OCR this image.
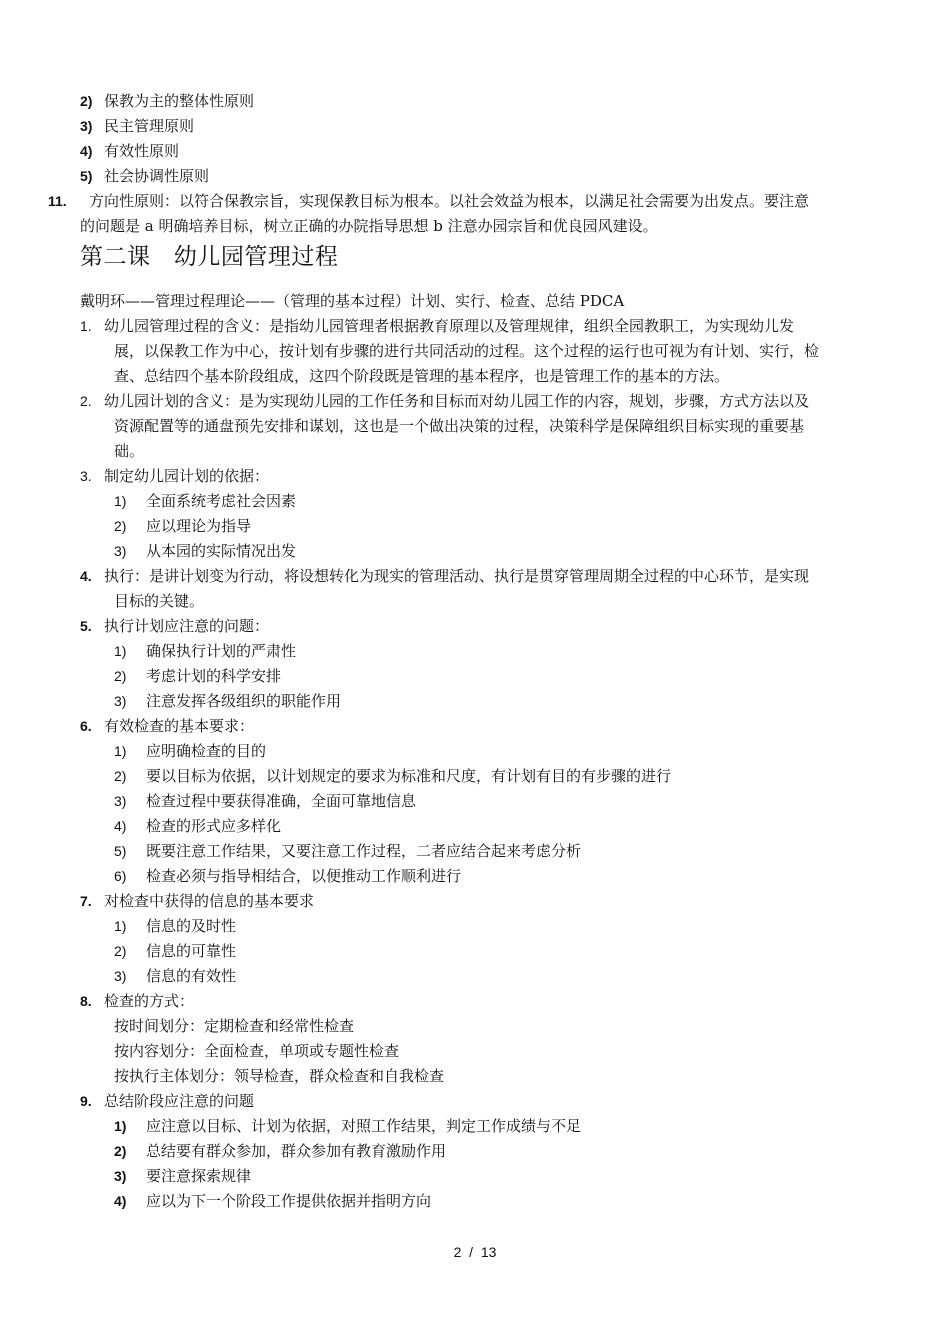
2) 保教为主的整体性原则
3) 民主管理原则
4) 有效性原则
5) 社会协调性原则
11. 方向性原则：以符合保教宗旨，实现保教目标为根本。以社会效益为根本，以满足社会需要为出发点。要注意
的问题是 a 明确培养目标，树立正确的办院指导思想 b 注意办园宗旨和优良园风建设。
第二课   幼儿园管理过程
戴明环——管理过程理论——（管理的基本过程）计划、实行、检查、总结 PDCA
1. 幼儿园管理过程的含义：是指幼儿园管理者根据教育原理以及管理规律，组织全园教职工，为实现幼儿发
展，以保教工作为中心，按计划有步骤的进行共同活动的过程。这个过程的运行也可视为有计划、实行，检
查、总结四个基本阶段组成，这四个阶段既是管理的基本程序，也是管理工作的基本的方法。
2. 幼儿园计划的含义：是为实现幼儿园的工作任务和目标而对幼儿园工作的内容，规划，步骤，方式方法以及
资源配置等的通盘预先安排和谋划，这也是一个做出决策的过程，决策科学是保障组织目标实现的重要基
础。
3. 制定幼儿园计划的依据：
1) 全面系统考虑社会因素
2) 应以理论为指导
3) 从本园的实际情况出发
4. 执行：是讲计划变为行动，将设想转化为现实的管理活动、执行是贯穿管理周期全过程的中心环节，是实现
目标的关键。
5. 执行计划应注意的问题：
1) 确保执行计划的严肃性
2) 考虑计划的科学安排
3) 注意发挥各级组织的职能作用
6. 有效检查的基本要求：
1) 应明确检查的目的
2) 要以目标为依据，以计划规定的要求为标准和尺度，有计划有目的有步骤的进行
3) 检查过程中要获得准确，全面可靠地信息
4) 检查的形式应多样化
5) 既要注意工作结果，又要注意工作过程，二者应结合起来考虑分析
6) 检查必须与指导相结合，以便推动工作顺利进行
7. 对检查中获得的信息的基本要求
1) 信息的及时性
2) 信息的可靠性
3) 信息的有效性
8. 检查的方式：
按时间划分：定期检查和经常性检查
按内容划分：全面检查，单项或专题性检查
按执行主体划分：领导检查，群众检查和自我检查
9. 总结阶段应注意的问题
1) 应注意以目标、计划为依据，对照工作结果，判定工作成绩与不足
2) 总结要有群众参加，群众参加有教育激励作用
3) 要注意探索规律
4) 应以为下一个阶段工作提供依据并指明方向
2  /  13
